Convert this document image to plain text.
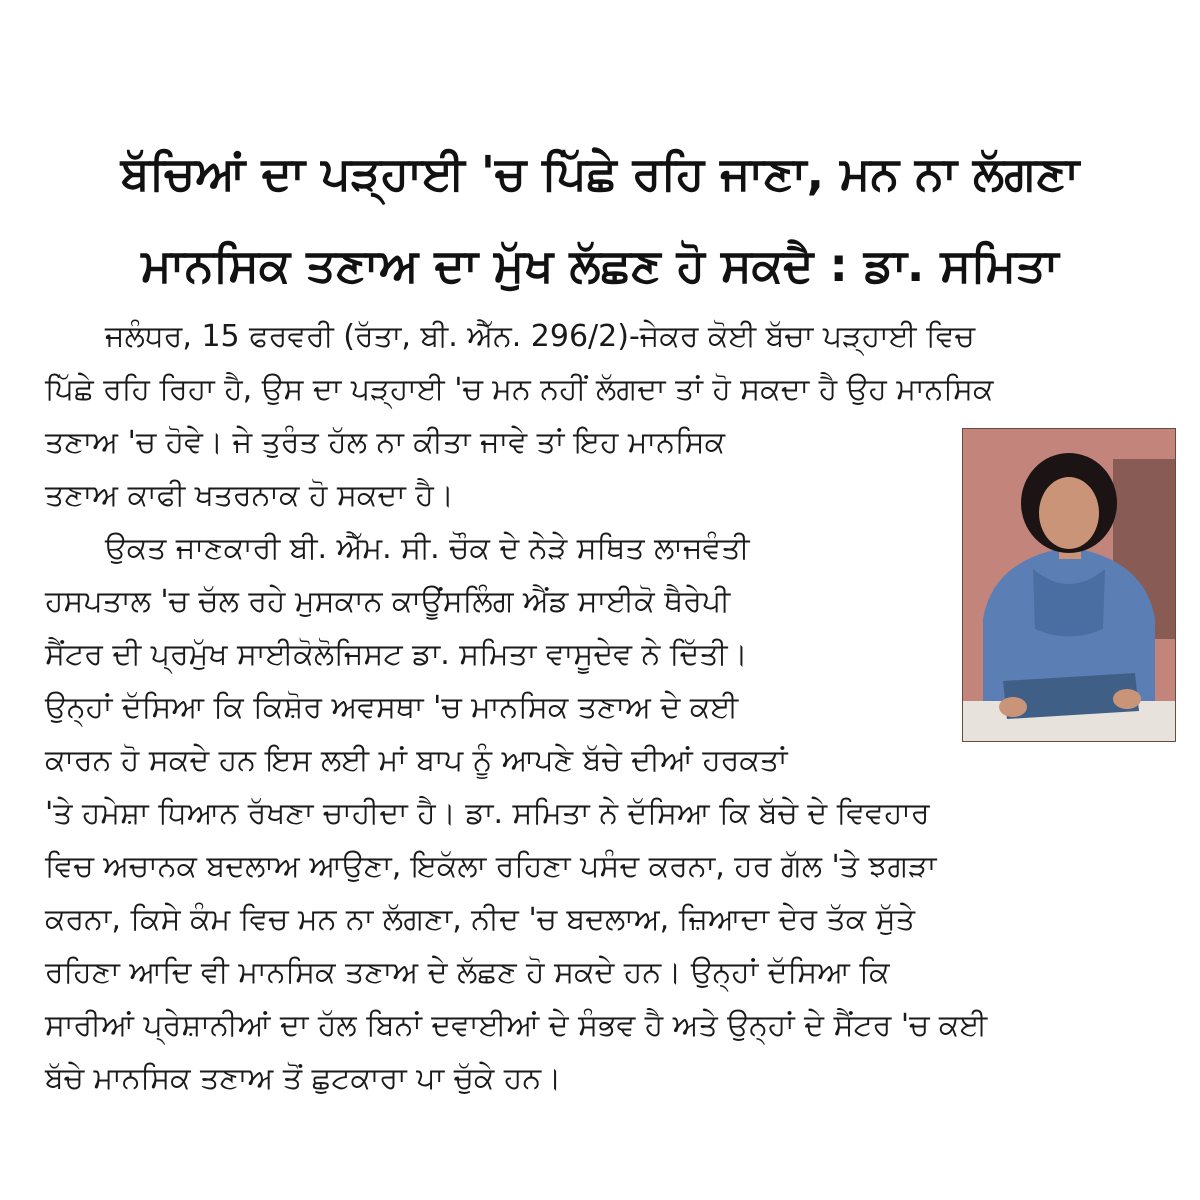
ਬੱਚਿਆਂ ਦਾ ਪੜ੍ਹਾਈ 'ਚ ਪਿੱਛੇ ਰਹਿ ਜਾਣਾ, ਮਨ ਨਾ ਲੱਗਣਾ
ਮਾਨਸਿਕ ਤਣਾਅ ਦਾ ਮੁੱਖ ਲੱਛਣ ਹੋ ਸਕਦੈ : ਡਾ. ਸਮਿਤਾ
ਜਲੰਧਰ, 15 ਫਰਵਰੀ (ਰੱਤਾ, ਬੀ. ਐੱਨ. 296/2)-ਜੇਕਰ ਕੋਈ ਬੱਚਾ ਪੜ੍ਹਾਈ ਵਿਚ
ਪਿੱਛੇ ਰਹਿ ਰਿਹਾ ਹੈ, ਉਸ ਦਾ ਪੜ੍ਹਾਈ 'ਚ ਮਨ ਨਹੀਂ ਲੱਗਦਾ ਤਾਂ ਹੋ ਸਕਦਾ ਹੈ ਉਹ ਮਾਨਸਿਕ
ਤਣਾਅ 'ਚ ਹੋਵੇ। ਜੇ ਤੁਰੰਤ ਹੱਲ ਨਾ ਕੀਤਾ ਜਾਵੇ ਤਾਂ ਇਹ ਮਾਨਸਿਕ
ਤਣਾਅ ਕਾਫੀ ਖਤਰਨਾਕ ਹੋ ਸਕਦਾ ਹੈ।
ਉਕਤ ਜਾਣਕਾਰੀ ਬੀ. ਐੱਮ. ਸੀ. ਚੌਕ ਦੇ ਨੇੜੇ ਸਥਿਤ ਲਾਜਵੰਤੀ
ਹਸਪਤਾਲ 'ਚ ਚੱਲ ਰਹੇ ਮੁਸਕਾਨ ਕਾਊਂਸਲਿੰਗ ਐਂਡ ਸਾਈਕੋ ਥੈਰੇਪੀ
ਸੈਂਟਰ ਦੀ ਪ੍ਰਮੁੱਖ ਸਾਈਕੋਲੋਜਿਸਟ ਡਾ. ਸਮਿਤਾ ਵਾਸੂਦੇਵ ਨੇ ਦਿੱਤੀ।
ਉਨ੍ਹਾਂ ਦੱਸਿਆ ਕਿ ਕਿਸ਼ੋਰ ਅਵਸਥਾ 'ਚ ਮਾਨਸਿਕ ਤਣਾਅ ਦੇ ਕਈ
ਕਾਰਨ ਹੋ ਸਕਦੇ ਹਨ ਇਸ ਲਈ ਮਾਂ ਬਾਪ ਨੂੰ ਆਪਣੇ ਬੱਚੇ ਦੀਆਂ ਹਰਕਤਾਂ
'ਤੇ ਹਮੇਸ਼ਾ ਧਿਆਨ ਰੱਖਣਾ ਚਾਹੀਦਾ ਹੈ। ਡਾ. ਸਮਿਤਾ ਨੇ ਦੱਸਿਆ ਕਿ ਬੱਚੇ ਦੇ ਵਿਵਹਾਰ
ਵਿਚ ਅਚਾਨਕ ਬਦਲਾਅ ਆਉਣਾ, ਇਕੱਲਾ ਰਹਿਣਾ ਪਸੰਦ ਕਰਨਾ, ਹਰ ਗੱਲ 'ਤੇ ਝਗੜਾ
ਕਰਨਾ, ਕਿਸੇ ਕੰਮ ਵਿਚ ਮਨ ਨਾ ਲੱਗਣਾ, ਨੀਦ 'ਚ ਬਦਲਾਅ, ਜ਼ਿਆਦਾ ਦੇਰ ਤੱਕ ਸੁੱਤੇ
ਰਹਿਣਾ ਆਦਿ ਵੀ ਮਾਨਸਿਕ ਤਣਾਅ ਦੇ ਲੱਛਣ ਹੋ ਸਕਦੇ ਹਨ। ਉਨ੍ਹਾਂ ਦੱਸਿਆ ਕਿ
ਸਾਰੀਆਂ ਪ੍ਰੇਸ਼ਾਨੀਆਂ ਦਾ ਹੱਲ ਬਿਨਾਂ ਦਵਾਈਆਂ ਦੇ ਸੰਭਵ ਹੈ ਅਤੇ ਉਨ੍ਹਾਂ ਦੇ ਸੈਂਟਰ 'ਚ ਕਈ
ਬੱਚੇ ਮਾਨਸਿਕ ਤਣਾਅ ਤੋਂ ਛੁਟਕਾਰਾ ਪਾ ਚੁੱਕੇ ਹਨ।
